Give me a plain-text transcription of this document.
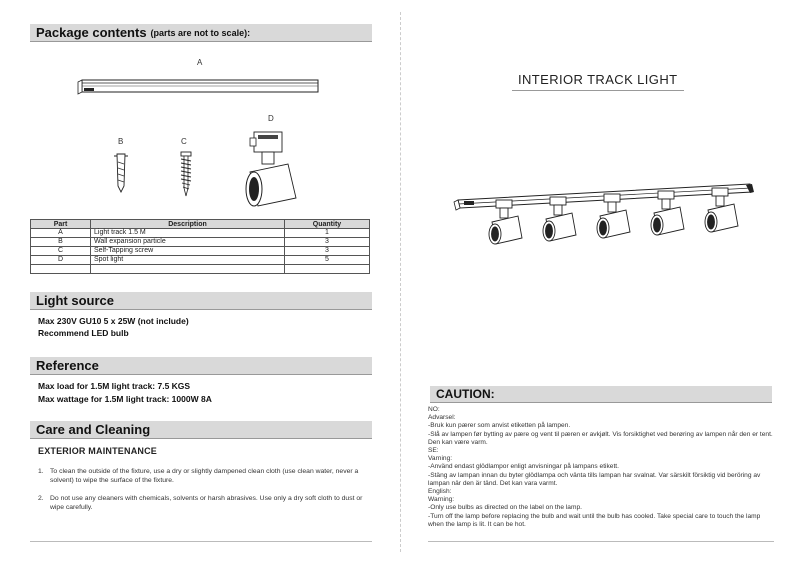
Package contents (parts are not to scale):
A
B	C
D
Part	Description	Quantity
A	Light track 1.5 M	1
B	Wall expansion particle	3
C	Self-Tapping screw	3
D	Spot light	5

Light source
Max 230V GU10 5 x 25W (not include)
Recommend LED bulb
Reference
Max load for 1.5M light track: 7.5 KGS
Max wattage for 1.5M light track: 1000W 8A
Care and Cleaning
EXTERIOR MAINTENANCE
1. To clean the outside of the fixture, use a dry or slightly dampened clean cloth (use clean water, never a solvent) to wipe the surface of the fixture.
2. Do not use any cleaners with chemicals, solvents or harsh abrasives. Use only a dry soft cloth to dust or wipe carefully.
INTERIOR TRACK LIGHT
CAUTION:
NO:
Advarsel:
-Bruk kun pærer som anvist etiketten på lampen.
-Slå av lampen før bytting av pære og vent til pæren er avkjølt. Vis forsiktighet ved berøring av lampen når den er tent. Den kan være varm.
SE:
Varning:
-Använd endast glödlampor enligt anvisningar på lampans etikett.
-Stäng av lampan innan du byter glödlampa och vänta tills lampan har svalnat. Var särskilt försiktig vid beröring av lampan när den är tänd. Det kan vara varmt.
English:
Warning:
-Only use bulbs as directed on the label on the lamp.
-Turn off the lamp before replacing the bulb and wait until the bulb has cooled. Take special care to touch the lamp when the lamp is lit. It can be hot.
